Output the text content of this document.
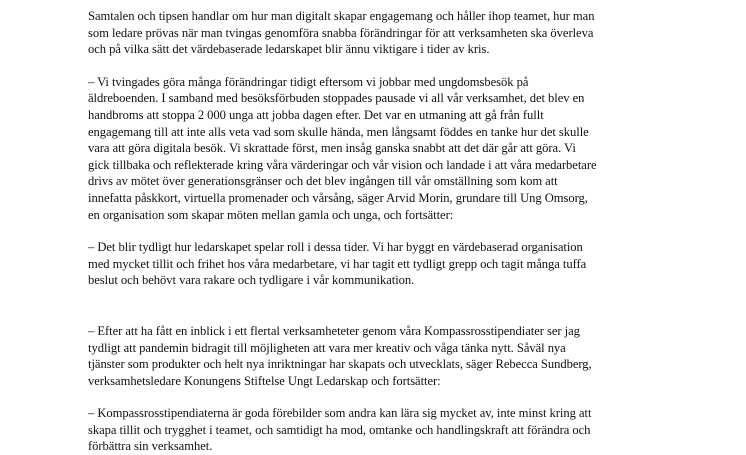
Samtalen och tipsen handlar om hur man digitalt skapar engagemang och håller ihop teamet, hur man
som ledare prövas när man tvingas genomföra snabba förändringar för att verksamheten ska överleva
och på vilka sätt det värdebaserade ledarskapet blir ännu viktigare i tider av kris.

– Vi tvingades göra många förändringar tidigt eftersom vi jobbar med ungdomsbesök på
äldreboenden. I samband med besöksförbuden stoppades pausade vi all vår verksamhet, det blev en
handbroms att stoppa 2 000 unga att jobba dagen efter. Det var en utmaning att gå från fullt
engagemang till att inte alls veta vad som skulle hända, men långsamt föddes en tanke hur det skulle
vara att göra digitala besök. Vi skrattade först, men insåg ganska snabbt att det där går att göra. Vi
gick tillbaka och reflekterade kring våra värderingar och vår vision och landade i att våra medarbetare
drivs av mötet över generationsgränser och det blev ingången till vår omställning som kom att
innefatta påskkort, virtuella promenader och vårsång, säger Arvid Morin, grundare till Ung Omsorg,
en organisation som skapar möten mellan gamla och unga, och fortsätter:

– Det blir tydligt hur ledarskapet spelar roll i dessa tider. Vi har byggt en värdebaserad organisation
med mycket tillit och frihet hos våra medarbetare, vi har tagit ett tydligt grepp och tagit många tuffa
beslut och behövt vara rakare och tydligare i vår kommunikation.

– Efter att ha fått en inblick i ett flertal verksamheteter genom våra Kompassrosstipendiater ser jag
tydligt att pandemin bidragit till möjligheten att vara mer kreativ och våga tänka nytt. Såväl nya
tjänster som produkter och helt nya inriktningar har skapats och utvecklats, säger Rebecca Sundberg,
verksamhetsledare Konungens Stiftelse Ungt Ledarskap och fortsätter:

– Kompassrosstipendiaterna är goda förebilder som andra kan lära sig mycket av, inte minst kring att
skapa tillit och trygghet i teamet, och samtidigt ha mod, omtanke och handlingskraft att förändra och
förbättra sin verksamhet.
